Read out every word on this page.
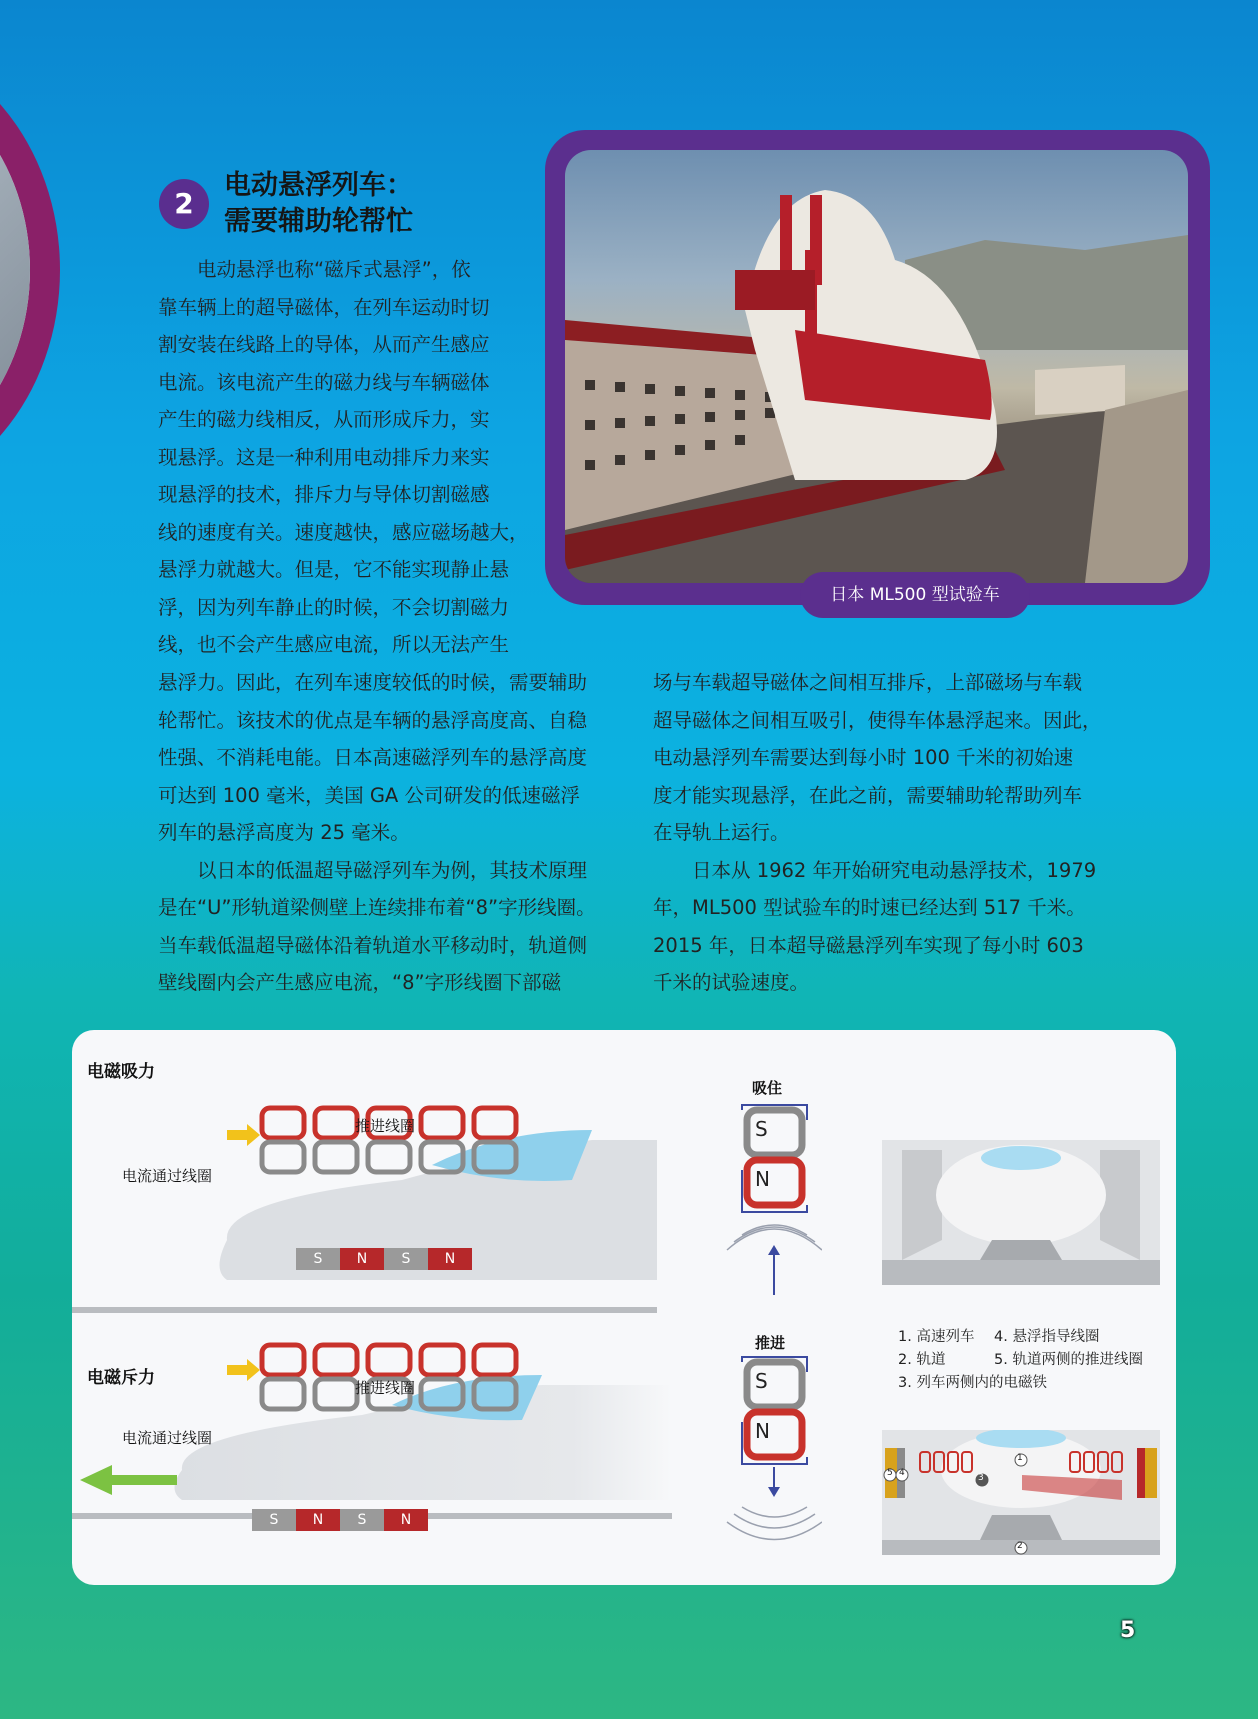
2
电动悬浮列车：
需要辅助轮帮忙
电动悬浮也称“磁斥式悬浮”，依
靠车辆上的超导磁体，在列车运动时切
割安装在线路上的导体，从而产生感应
电流。该电流产生的磁力线与车辆磁体
产生的磁力线相反，从而形成斥力，实
现悬浮。这是一种利用电动排斥力来实
现悬浮的技术，排斥力与导体切割磁感
线的速度有关。速度越快，感应磁场越大，
悬浮力就越大。但是，它不能实现静止悬
浮，因为列车静止的时候，不会切割磁力
线，也不会产生感应电流，所以无法产生
悬浮力。因此，在列车速度较低的时候，需要辅助
轮帮忙。该技术的优点是车辆的悬浮高度高、自稳
性强、不消耗电能。日本高速磁浮列车的悬浮高度
可达到 100 毫米，美国 GA 公司研发的低速磁浮
列车的悬浮高度为 25 毫米。
以日本的低温超导磁浮列车为例，其技术原理
是在“U”形轨道梁侧壁上连续排布着“8”字形线圈。
当车载低温超导磁体沿着轨道水平移动时，轨道侧
壁线圈内会产生感应电流，“8”字形线圈下部磁
场与车载超导磁体之间相互排斥，上部磁场与车载
超导磁体之间相互吸引，使得车体悬浮起来。因此，
电动悬浮列车需要达到每小时 100 千米的初始速
度才能实现悬浮，在此之前，需要辅助轮帮助列车
在导轨上运行。
日本从 1962 年开始研究电动悬浮技术，1979
年，ML500 型试验车的时速已经达到 517 千米。
2015 年，日本超导磁悬浮列车实现了每小时 603
千米的试验速度。
日本 ML500 型试验车
电磁吸力
电磁斥力
推进线圈
电流通过线圈
S	N	S	N
推进线圈
电流通过线圈
S	N	S	N
吸住
S
N
推进
S
N
1. 高速列车 4. 悬浮指导线圈
2. 轨道	5. 轨道两侧的推进线圈
3. 列车两侧内的电磁铁
1
3
2
5 4
5
